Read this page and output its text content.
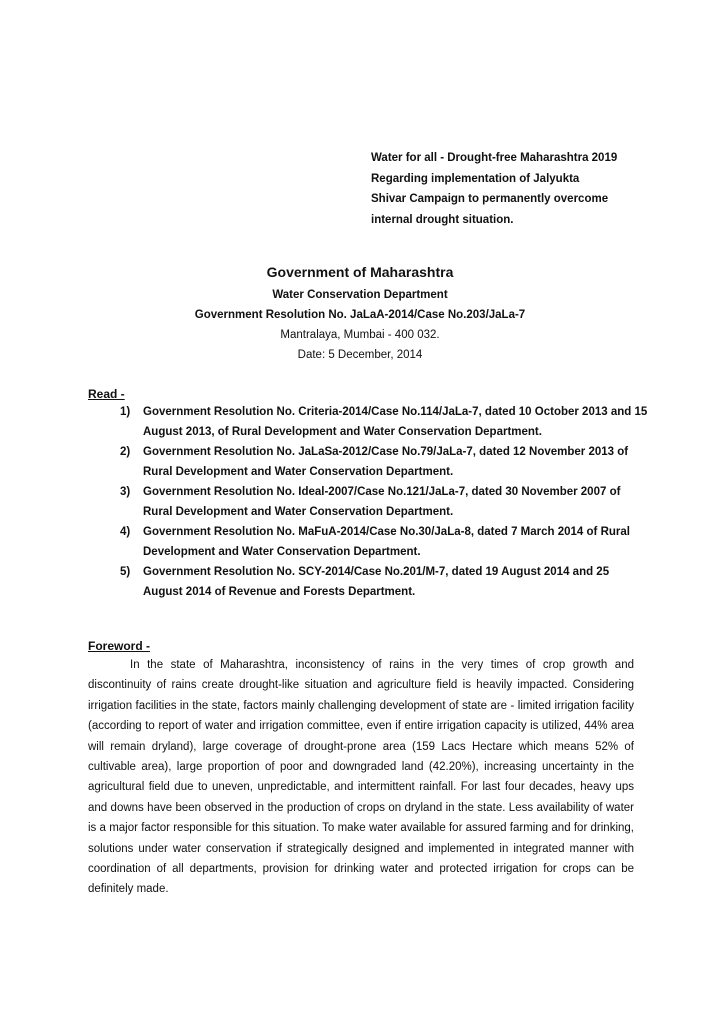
Water for all - Drought-free Maharashtra 2019
Regarding implementation of Jalyukta
Shivar Campaign to permanently overcome
internal drought situation.
Government of Maharashtra
Water Conservation Department
Government Resolution No. JaLaA-2014/Case No.203/JaLa-7
Mantralaya, Mumbai - 400 032.
Date: 5 December, 2014
Read -
1) Government Resolution No. Criteria-2014/Case No.114/JaLa-7, dated 10 October 2013 and 15 August 2013, of Rural Development and Water Conservation Department.
2) Government Resolution No. JaLaSa-2012/Case No.79/JaLa-7, dated 12 November 2013 of Rural Development and Water Conservation Department.
3) Government Resolution No. Ideal-2007/Case No.121/JaLa-7, dated 30 November 2007 of Rural Development and Water Conservation Department.
4) Government Resolution No. MaFuA-2014/Case No.30/JaLa-8, dated 7 March 2014 of Rural Development and Water Conservation Department.
5) Government Resolution No. SCY-2014/Case No.201/M-7, dated 19 August 2014 and 25 August 2014 of Revenue and Forests Department.
Foreword -
In the state of Maharashtra, inconsistency of rains in the very times of crop growth and discontinuity of rains create drought-like situation and agriculture field is heavily impacted. Considering irrigation facilities in the state, factors mainly challenging development of state are - limited irrigation facility (according to report of water and irrigation committee, even if entire irrigation capacity is utilized, 44% area will remain dryland), large coverage of drought-prone area (159 Lacs Hectare which means 52% of cultivable area), large proportion of poor and downgraded land (42.20%), increasing uncertainty in the agricultural field due to uneven, unpredictable, and intermittent rainfall. For last four decades, heavy ups and downs have been observed in the production of crops on dryland in the state. Less availability of water is a major factor responsible for this situation. To make water available for assured farming and for drinking, solutions under water conservation if strategically designed and implemented in integrated manner with coordination of all departments, provision for drinking water and protected irrigation for crops can be definitely made.
